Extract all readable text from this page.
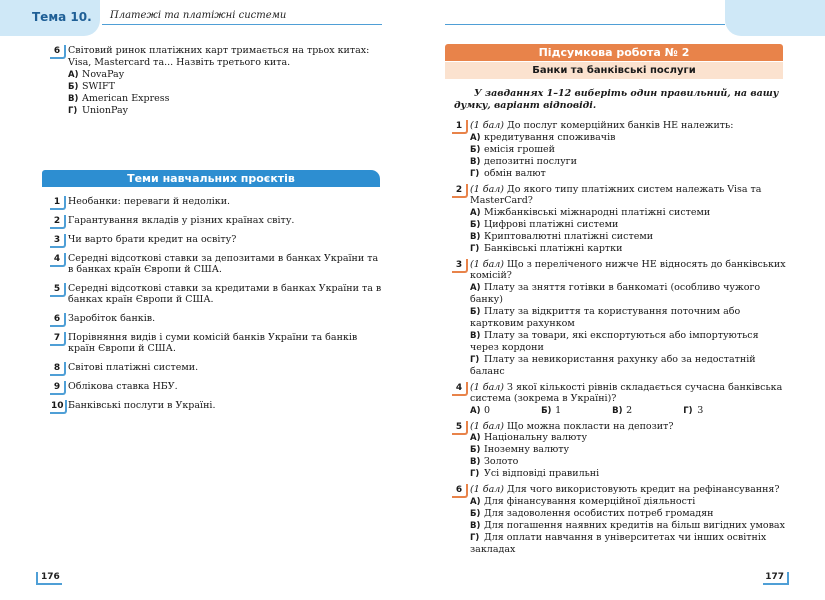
Тема 10. Платежі та платіжні системи
6 Світовий ринок платіжних карт тримається на трьох китах: Visa, Mastercard та... Назвіть третього кита.
А) NovaPay
Б) SWIFT
В) American Express
Г) UnionPay
Теми навчальних проєктів
1 Необанки: переваги й недоліки.
2 Гарантування вкладів у різних країнах світу.
3 Чи варто брати кредит на освіту?
4 Середні відсоткові ставки за депозитами в банках України та в банках країн Європи й США.
5 Середні відсоткові ставки за кредитами в банках України та в банках країн Європи й США.
6 Заробіток банків.
7 Порівняння видів і суми комісій банків України та банків країн Європи й США.
8 Світові платіжні системи.
9 Облікова ставка НБУ.
10 Банківські послуги в Україні.
176
Підсумкова робота № 2
Банки та банківські послуги
У завданнях 1–12 виберіть один правильний, на вашу думку, варіант відповіді.
1 (1 бал) До послуг комерційних банків НЕ належить:
А) кредитування споживачів
Б) емісія грошей
В) депозитні послуги
Г) обмін валют
2 (1 бал) До якого типу платіжних систем належать Visa та MasterCard?
А) Міжбанківські міжнародні платіжні системи
Б) Цифрові платіжні системи
В) Криптовалютні платіжні системи
Г) Банківські платіжні картки
3 (1 бал) Що з переліченого нижче НЕ відносять до банківських комісій?
А) Плату за зняття готівки в банкоматі (особливо чужого банку)
Б) Плату за відкриття та користування поточним або картковим рахунком
В) Плату за товари, які експортуються або імпортуються через кордони
Г) Плату за невикористання рахунку або за недостатній баланс
4 (1 бал) З якої кількості рівнів складається сучасна банківська система (зокрема в Україні)?
А) 0	Б) 1	В) 2	Г) 3
5 (1 бал) Що можна покласти на депозит?
А) Національну валюту
Б) Іноземну валюту
В) Золото
Г) Усі відповіді правильні
6 (1 бал) Для чого використовують кредит на рефінансування?
А) Для фінансування комерційної діяльності
Б) Для задоволення особистих потреб громадян
В) Для погашення наявних кредитів на більш вигідних умовах
Г) Для оплати навчання в університетах чи інших освітніх закладах
177
